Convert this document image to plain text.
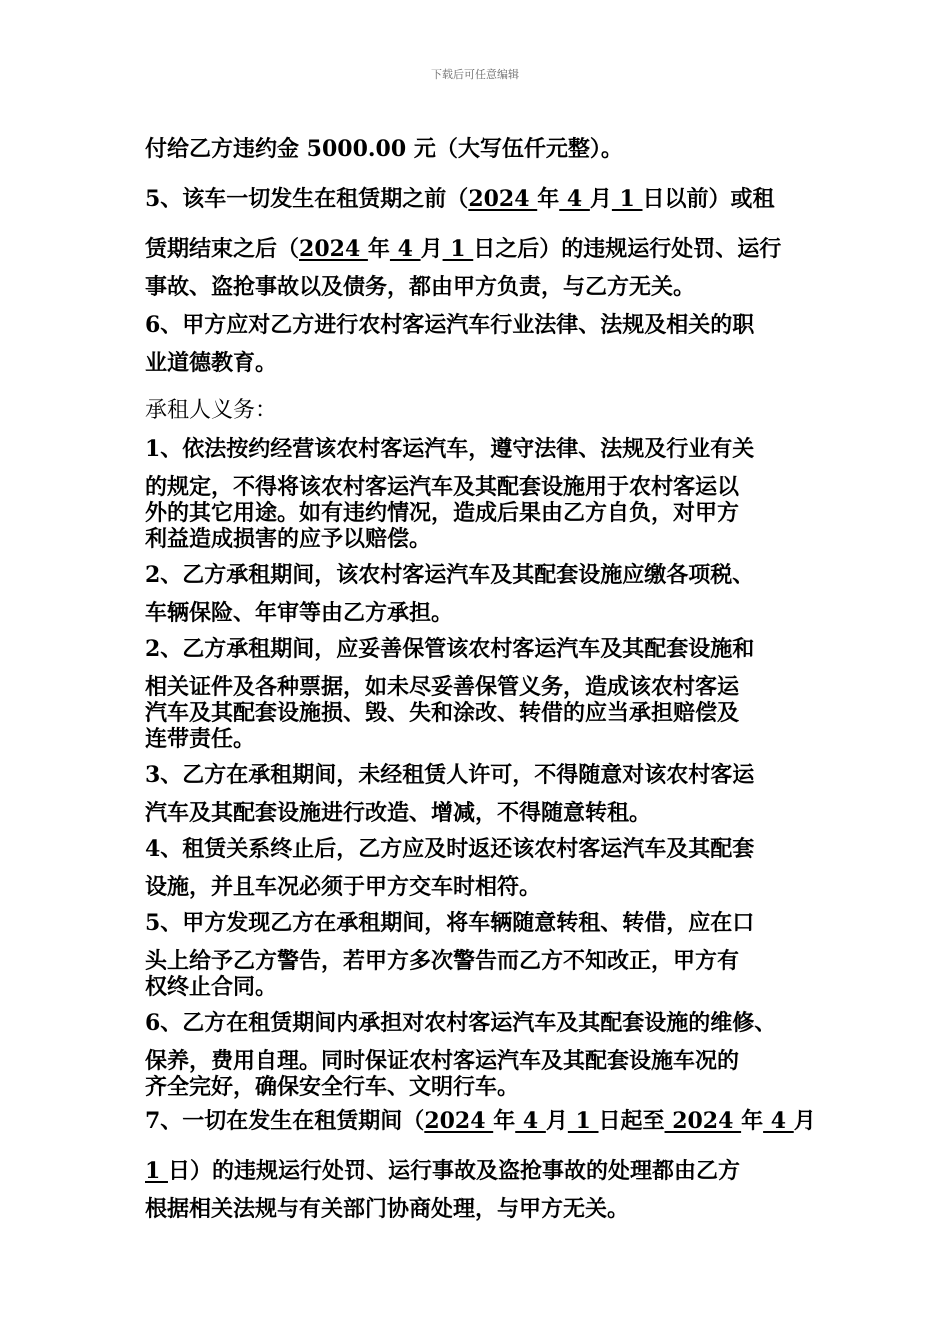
下载后可任意编辑
付给乙方违约金 5000.00 元（大写伍仟元整）。
5、该车一切发生在租赁期之前（2024 年 4 月 1 日以前）或租
赁期结束之后（2024 年 4 月 1 日之后）的违规运行处罚、运行
事故、盗抢事故以及债务，都由甲方负责，与乙方无关。
6、甲方应对乙方进行农村客运汽车行业法律、法规及相关的职
业道德教育。
承租人义务：
1、依法按约经营该农村客运汽车，遵守法律、法规及行业有关
的规定，不得将该农村客运汽车及其配套设施用于农村客运以
外的其它用途。如有违约情况，造成后果由乙方自负，对甲方
利益造成损害的应予以赔偿。
2、乙方承租期间，该农村客运汽车及其配套设施应缴各项税、
车辆保险、年审等由乙方承担。
2、乙方承租期间，应妥善保管该农村客运汽车及其配套设施和
相关证件及各种票据，如未尽妥善保管义务，造成该农村客运
汽车及其配套设施损、毁、失和涂改、转借的应当承担赔偿及
连带责任。
3、乙方在承租期间，未经租赁人许可，不得随意对该农村客运
汽车及其配套设施进行改造、增减，不得随意转租。
4、租赁关系终止后，乙方应及时返还该农村客运汽车及其配套
设施，并且车况必须于甲方交车时相符。
5、甲方发现乙方在承租期间，将车辆随意转租、转借，应在口
头上给予乙方警告，若甲方多次警告而乙方不知改正，甲方有
权终止合同。
6、乙方在租赁期间内承担对农村客运汽车及其配套设施的维修、
保养，费用自理。同时保证农村客运汽车及其配套设施车况的
齐全完好，确保安全行车、文明行车。
7、一切在发生在租赁期间（2024 年 4 月 1 日起至 2024 年 4 月
1 日）的违规运行处罚、运行事故及盗抢事故的处理都由乙方
根据相关法规与有关部门协商处理，与甲方无关。
